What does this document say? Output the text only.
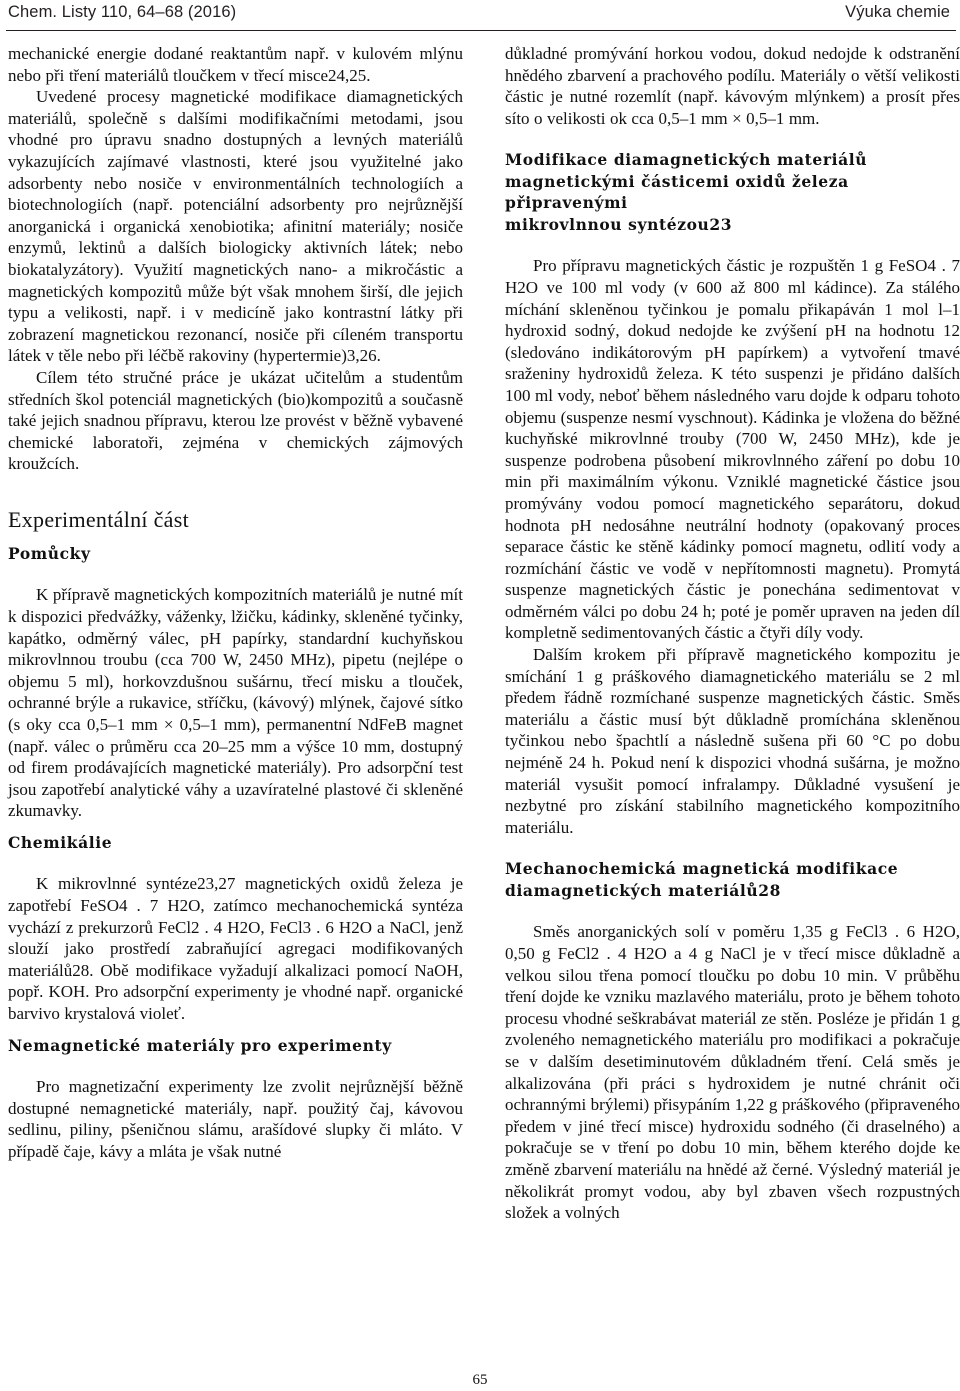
Chem. Listy 110, 64–68 (2016)	Výuka chemie

mechanické energie dodané reaktantům např. v kulovém mlýnu nebo při tření materiálů tloučkem v třecí misce24,25.

Uvedené procesy magnetické modifikace diamagnetických materiálů, společně s dalšími modifikačními metodami, jsou vhodné pro úpravu snadno dostupných a levných materiálů vykazujících zajímavé vlastnosti, které jsou využitelné jako adsorbenty nebo nosiče v environmentálních technologiích a biotechnologiích (např. potenciální adsorbenty pro nejrůznější anorganická i organická xenobiotika; afinitní materiály; nosiče enzymů, lektinů a dalších biologicky aktivních látek; nebo biokatalyzátory). Využití magnetických nano- a mikročástic a magnetických kompozitů může být však mnohem širší, dle jejich typu a velikosti, např. i v medicíně jako kontrastní látky při zobrazení magnetickou rezonancí, nosiče při cíleném transportu látek v těle nebo při léčbě rakoviny (hypertermie)3,26.

Cílem této stručné práce je ukázat učitelům a studentům středních škol potenciál magnetických (bio)kompozitů a současně také jejich snadnou přípravu, kterou lze provést v běžně vybavené chemické laboratoři, zejména v chemických zájmových kroužcích.

Experimentální část
Pomůcky

K přípravě magnetických kompozitních materiálů je nutné mít k dispozici předvážky, váženky, lžičku, kádinky, skleněné tyčinky, kapátko, odměrný válec, pH papírky, standardní kuchyňskou mikrovlnnou troubu (cca 700 W, 2450 MHz), pipetu (nejlépe o objemu 5 ml), horkovzdušnou sušárnu, třecí misku a tlouček, ochranné brýle a rukavice, stříčku, (kávový) mlýnek, čajové sítko (s oky cca 0,5–1 mm × 0,5–1 mm), permanentní NdFeB magnet (např. válec o průměru cca 20–25 mm a výšce 10 mm, dostupný od firem prodávajících magnetické materiály). Pro adsorpční test jsou zapotřebí analytické váhy a uzavíratelné plastové či skleněné zkumavky.

Chemikálie

K mikrovlnné syntéze23,27 magnetických oxidů železa je zapotřebí FeSO4 . 7 H2O, zatímco mechanochemická syntéza vychází z prekurzorů FeCl2 . 4 H2O, FeCl3 . 6 H2O a NaCl, jenž slouží jako prostředí zabraňující agregaci modifikovaných materiálů28. Obě modifikace vyžadují alkalizaci pomocí NaOH, popř. KOH. Pro adsorpční experimenty je vhodné např. organické barvivo krystalová violeť.

Nemagnetické materiály pro experimenty

Pro magnetizační experimenty lze zvolit nejrůznější běžně dostupné nemagnetické materiály, např. použitý čaj, kávovou sedlinu, piliny, pšeničnou slámu, arašídové slupky či mláto. V případě čaje, kávy a mláta je však nutné

důkladné promývání horkou vodou, dokud nedojde k odstranění hnědého zbarvení a prachového podílu. Materiály o větší velikosti částic je nutné rozemlít (např. kávovým mlýnkem) a prosít přes síto o velikosti ok cca 0,5–1 mm × 0,5–1 mm.

Modifikace diamagnetických materiálů
magnetickými částicemi oxidů železa připravenými
mikrovlnnou syntézou23

Pro přípravu magnetických částic je rozpuštěn 1 g FeSO4 . 7 H2O ve 100 ml vody (v 600 až 800 ml kádince). Za stálého míchání skleněnou tyčinkou je pomalu přikapáván 1 mol l–1 hydroxid sodný, dokud nedojde ke zvýšení pH na hodnotu 12 (sledováno indikátorovým pH papírkem) a vytvoření tmavé sraženiny hydroxidů železa. K této suspenzi je přidáno dalších 100 ml vody, neboť během následného varu dojde k odparu tohoto objemu (suspenze nesmí vyschnout). Kádinka je vložena do běžné kuchyňské mikrovlnné trouby (700 W, 2450 MHz), kde je suspenze podrobena působení mikrovlnného záření po dobu 10 min při maximálním výkonu. Vzniklé magnetické částice jsou promývány vodou pomocí magnetického separátoru, dokud hodnota pH nedosáhne neutrální hodnoty (opakovaný proces separace částic ke stěně kádinky pomocí magnetu, odlití vody a rozmíchání částic ve vodě v nepřítomnosti magnetu). Promytá suspenze magnetických částic je ponechána sedimentovat v odměrném válci po dobu 24 h; poté je poměr upraven na jeden díl kompletně sedimentovaných částic a čtyři díly vody.

Dalším krokem při přípravě magnetického kompozitu je smíchání 1 g práškového diamagnetického materiálu se 2 ml předem řádně rozmíchané suspenze magnetických částic. Směs materiálu a částic musí být důkladně promíchána skleněnou tyčinkou nebo špachtlí a následně sušena při 60 °C po dobu nejméně 24 h. Pokud není k dispozici vhodná sušárna, je možno materiál vysušit pomocí infralampy. Důkladné vysušení je nezbytné pro získání stabilního magnetického kompozitního materiálu.

Mechanochemická magnetická modifikace
diamagnetických materiálů28

Směs anorganických solí v poměru 1,35 g FeCl3 . 6 H2O, 0,50 g FeCl2 . 4 H2O a 4 g NaCl je v třecí misce důkladně a velkou silou třena pomocí tloučku po dobu 10 min. V průběhu tření dojde ke vzniku mazlavého materiálu, proto je během tohoto procesu vhodné seškrabávat materiál ze stěn. Posléze je přidán 1 g zvoleného nemagnetického materiálu pro modifikaci a pokračuje se v dalším desetiminutovém důkladném tření. Celá směs je alkalizována (při práci s hydroxidem je nutné chránit oči ochrannými brýlemi) přisypáním 1,22 g práškového (připraveného předem v jiné třecí misce) hydroxidu sodného (či draselného) a pokračuje se v tření po dobu 10 min, během kterého dojde ke změně zbarvení materiálu na hnědé až černé. Výsledný materiál je několikrát promyt vodou, aby byl zbaven všech rozpustných složek a volných

65
